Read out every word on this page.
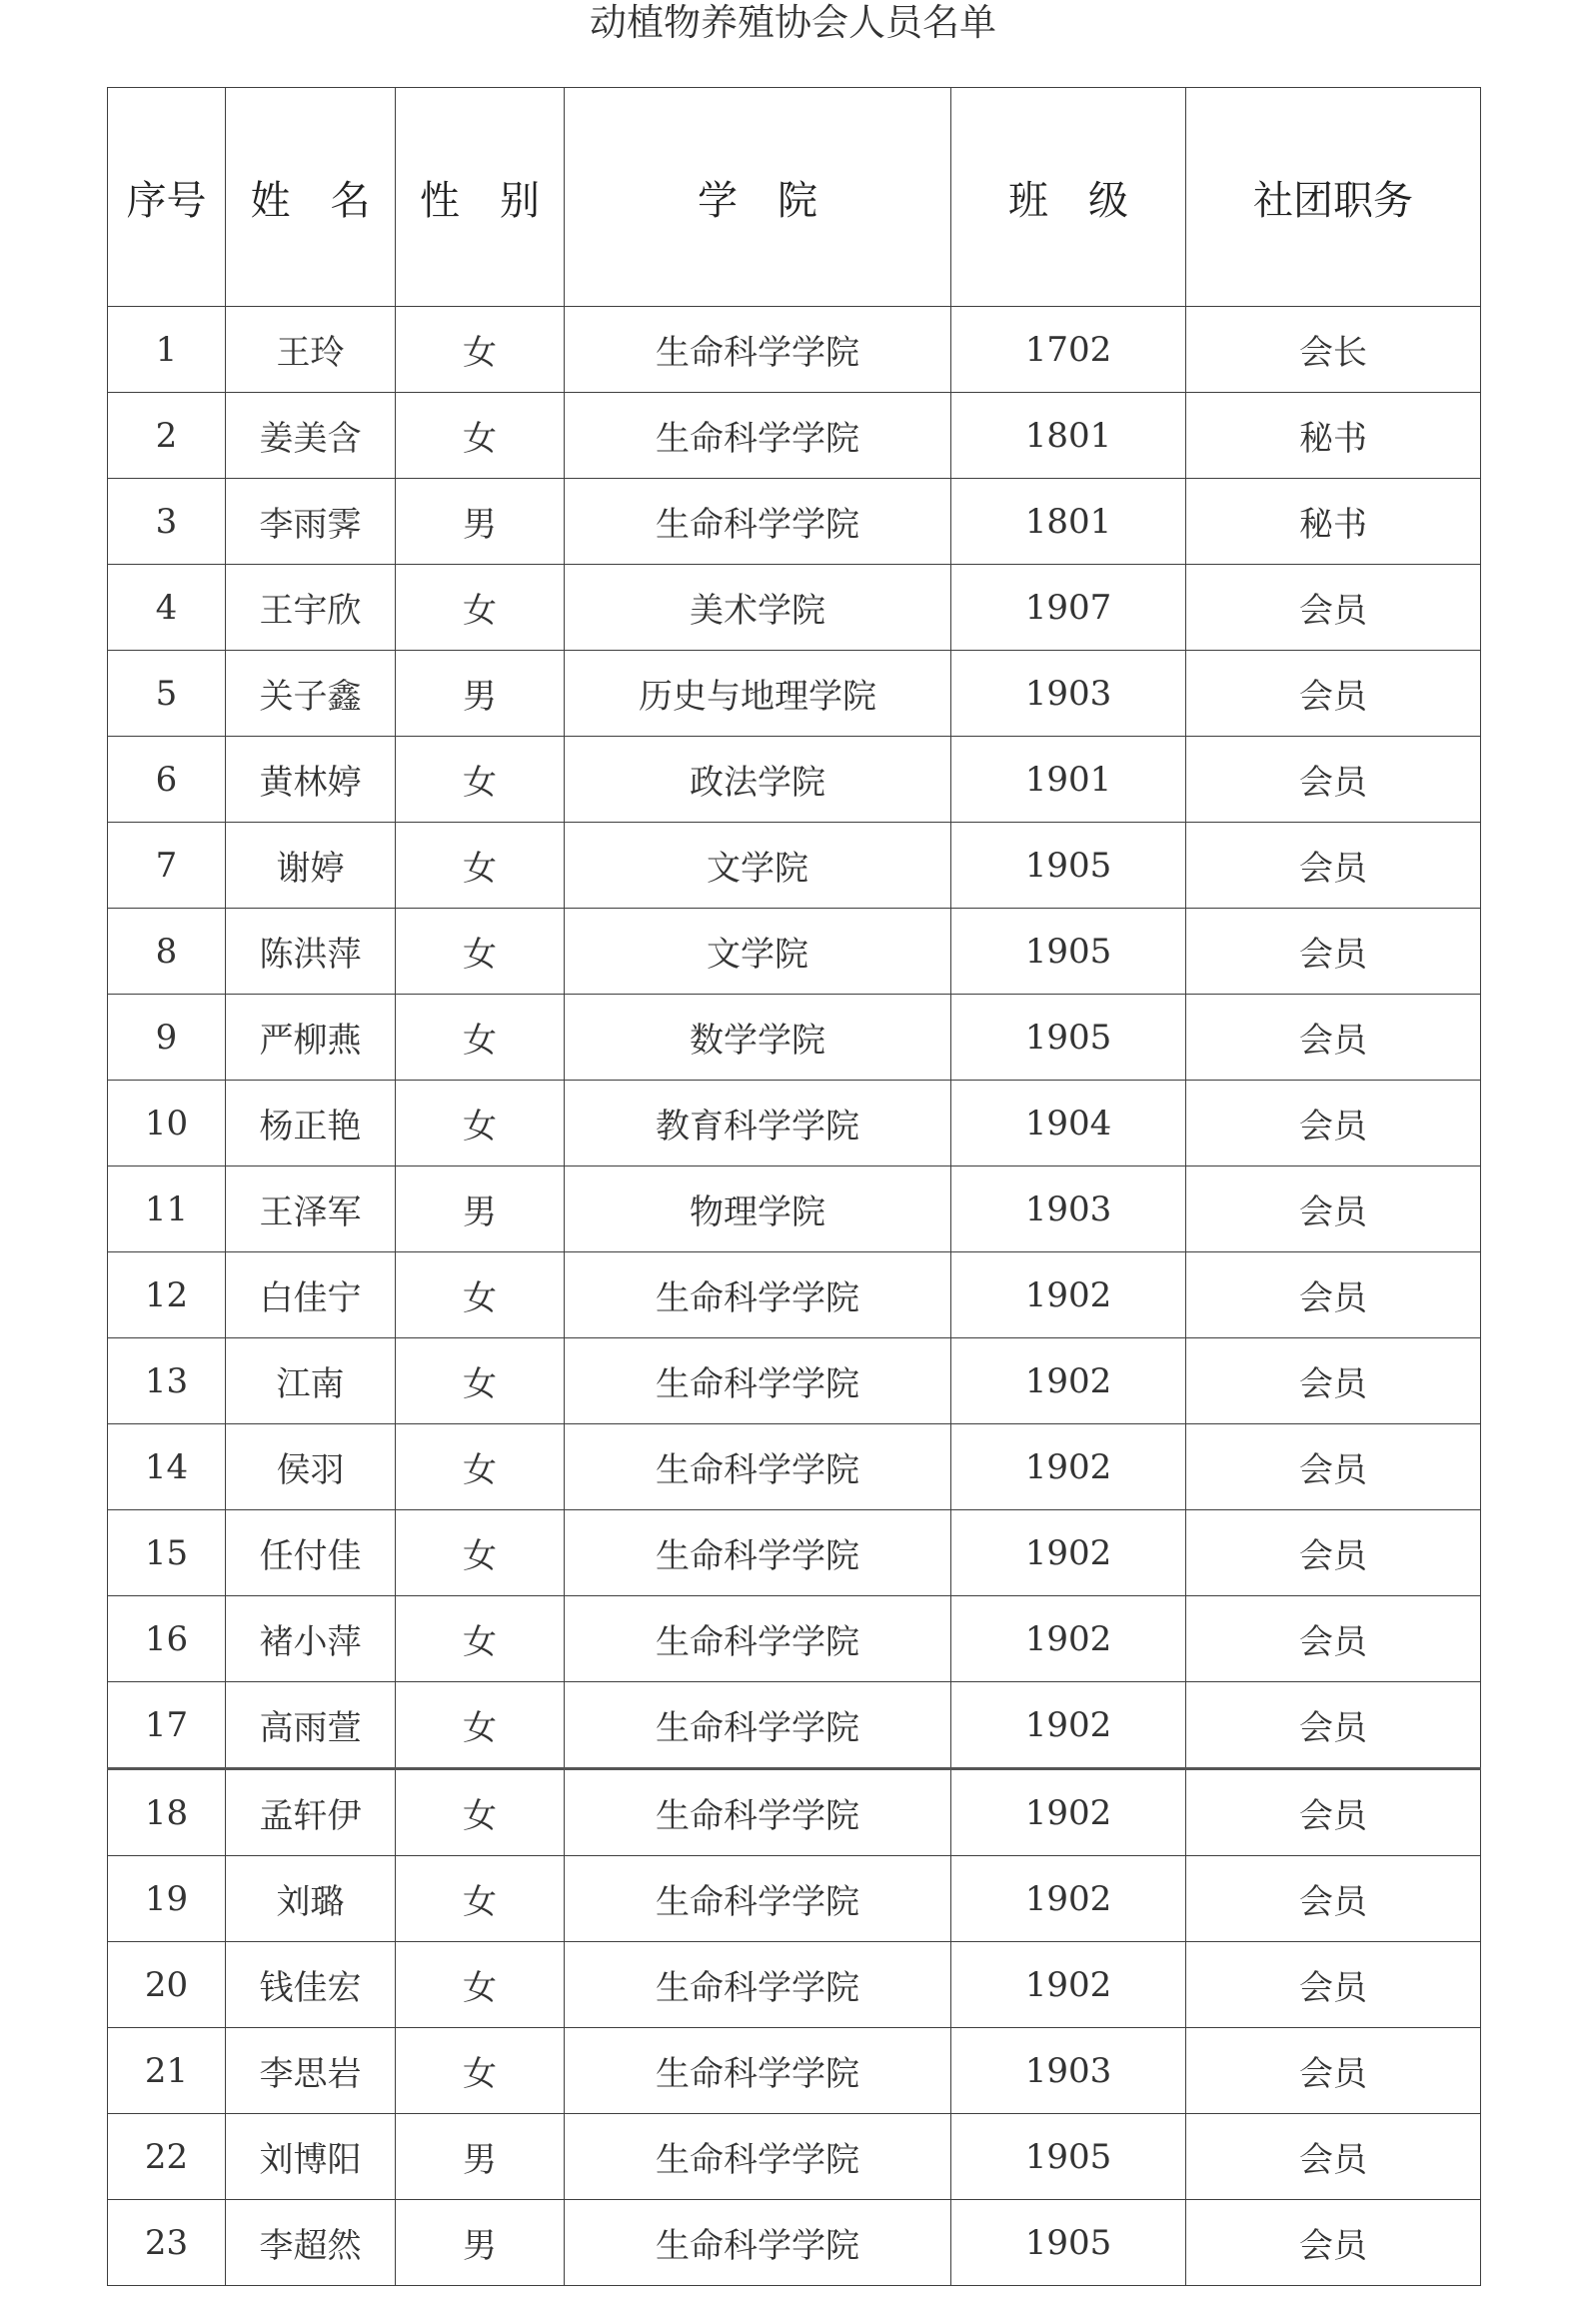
动植物养殖协会人员名单
序号	姓　名	性　别	学　院	班　级	社团职务
1	王玲	女	生命科学学院	1702	会长
2	姜美含	女	生命科学学院	1801	秘书
3	李雨霁	男	生命科学学院	1801	秘书
4	王宇欣	女	美术学院	1907	会员
5	关子鑫	男	历史与地理学院	1903	会员
6	黄林婷	女	政法学院	1901	会员
7	谢婷	女	文学院	1905	会员
8	陈洪萍	女	文学院	1905	会员
9	严柳燕	女	数学学院	1905	会员
10	杨正艳	女	教育科学学院	1904	会员
11	王泽军	男	物理学院	1903	会员
12	白佳宁	女	生命科学学院	1902	会员
13	江南	女	生命科学学院	1902	会员
14	侯羽	女	生命科学学院	1902	会员
15	任付佳	女	生命科学学院	1902	会员
16	褚小萍	女	生命科学学院	1902	会员
17	高雨萱	女	生命科学学院	1902	会员
18	孟轩伊	女	生命科学学院	1902	会员
19	刘璐	女	生命科学学院	1902	会员
20	钱佳宏	女	生命科学学院	1902	会员
21	李思岩	女	生命科学学院	1903	会员
22	刘博阳	男	生命科学学院	1905	会员
23	李超然	男	生命科学学院	1905	会员
